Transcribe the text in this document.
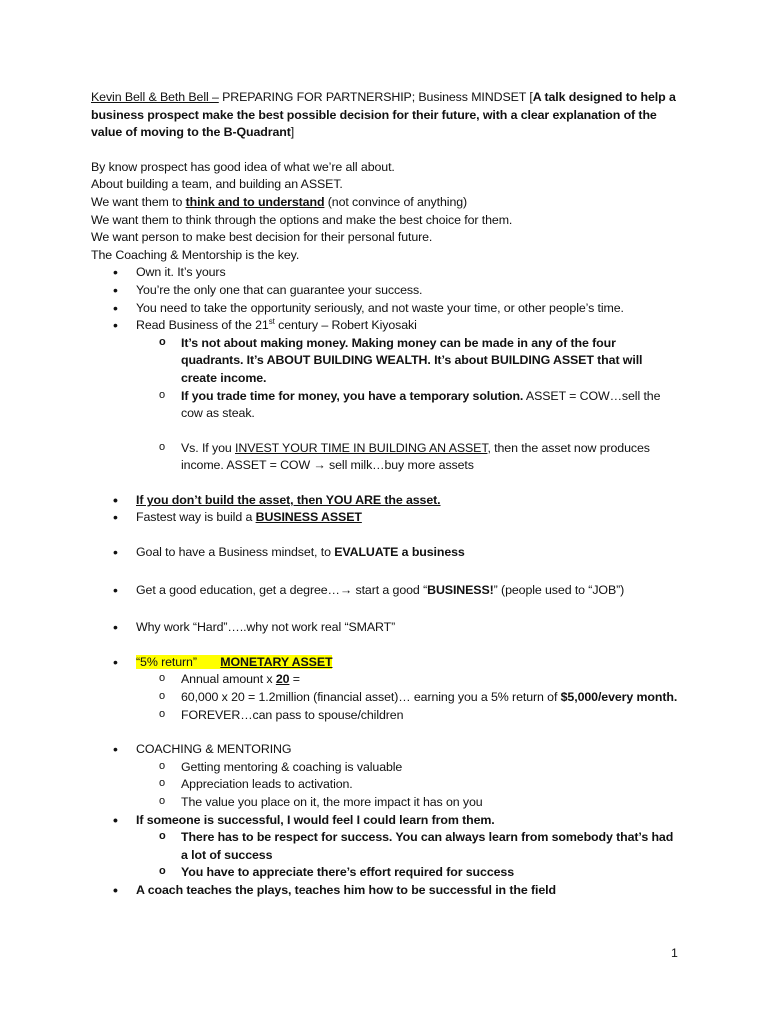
Kevin Bell & Beth Bell – PREPARING FOR PARTNERSHIP; Business MINDSET [A talk designed to help a business prospect make the best possible decision for their future, with a clear explanation of the value of moving to the B-Quadrant]

By know prospect has good idea of what we’re all about.

About building a team, and building an ASSET.

We want them to think and to understand (not convince of anything)

We want them to think through the options and make the best choice for them.

We want person to make best decision for their personal future.

The Coaching & Mentorship is the key.

• Own it. It’s yours
• You’re the only one that can guarantee your success.
• You need to take the opportunity seriously, and not waste your time, or other people’s time.
• Read Business of the 21st century – Robert Kiyosaki
o It’s not about making money. Making money can be made in any of the four quadrants. It’s ABOUT BUILDING WEALTH. It’s about BUILDING ASSET that will create income.
o If you trade time for money, you have a temporary solution. ASSET = COW…sell the cow as steak.
o Vs. If you INVEST YOUR TIME IN BUILDING AN ASSET, then the asset now produces income. ASSET = COW → sell milk…buy more assets
• If you don’t build the asset, then YOU ARE the asset.
• Fastest way is build a BUSINESS ASSET
• Goal to have a Business mindset, to EVALUATE a business
• Get a good education, get a degree…→ start a good “BUSINESS!” (people used to “JOB”)
• Why work “Hard”…..why not work real “SMART”
• “5% return” MONETARY ASSET
o Annual amount x 20 =
o 60,000 x 20 = 1.2million (financial asset)… earning you a 5% return of $5,000/every month.
o FOREVER…can pass to spouse/children
• COACHING & MENTORING
o Getting mentoring & coaching is valuable
o Appreciation leads to activation.
o The value you place on it, the more impact it has on you
• If someone is successful, I would feel I could learn from them.
o There has to be respect for success. You can always learn from somebody that’s had a lot of success
o You have to appreciate there’s effort required for success
• A coach teaches the plays, teaches him how to be successful in the field
1
